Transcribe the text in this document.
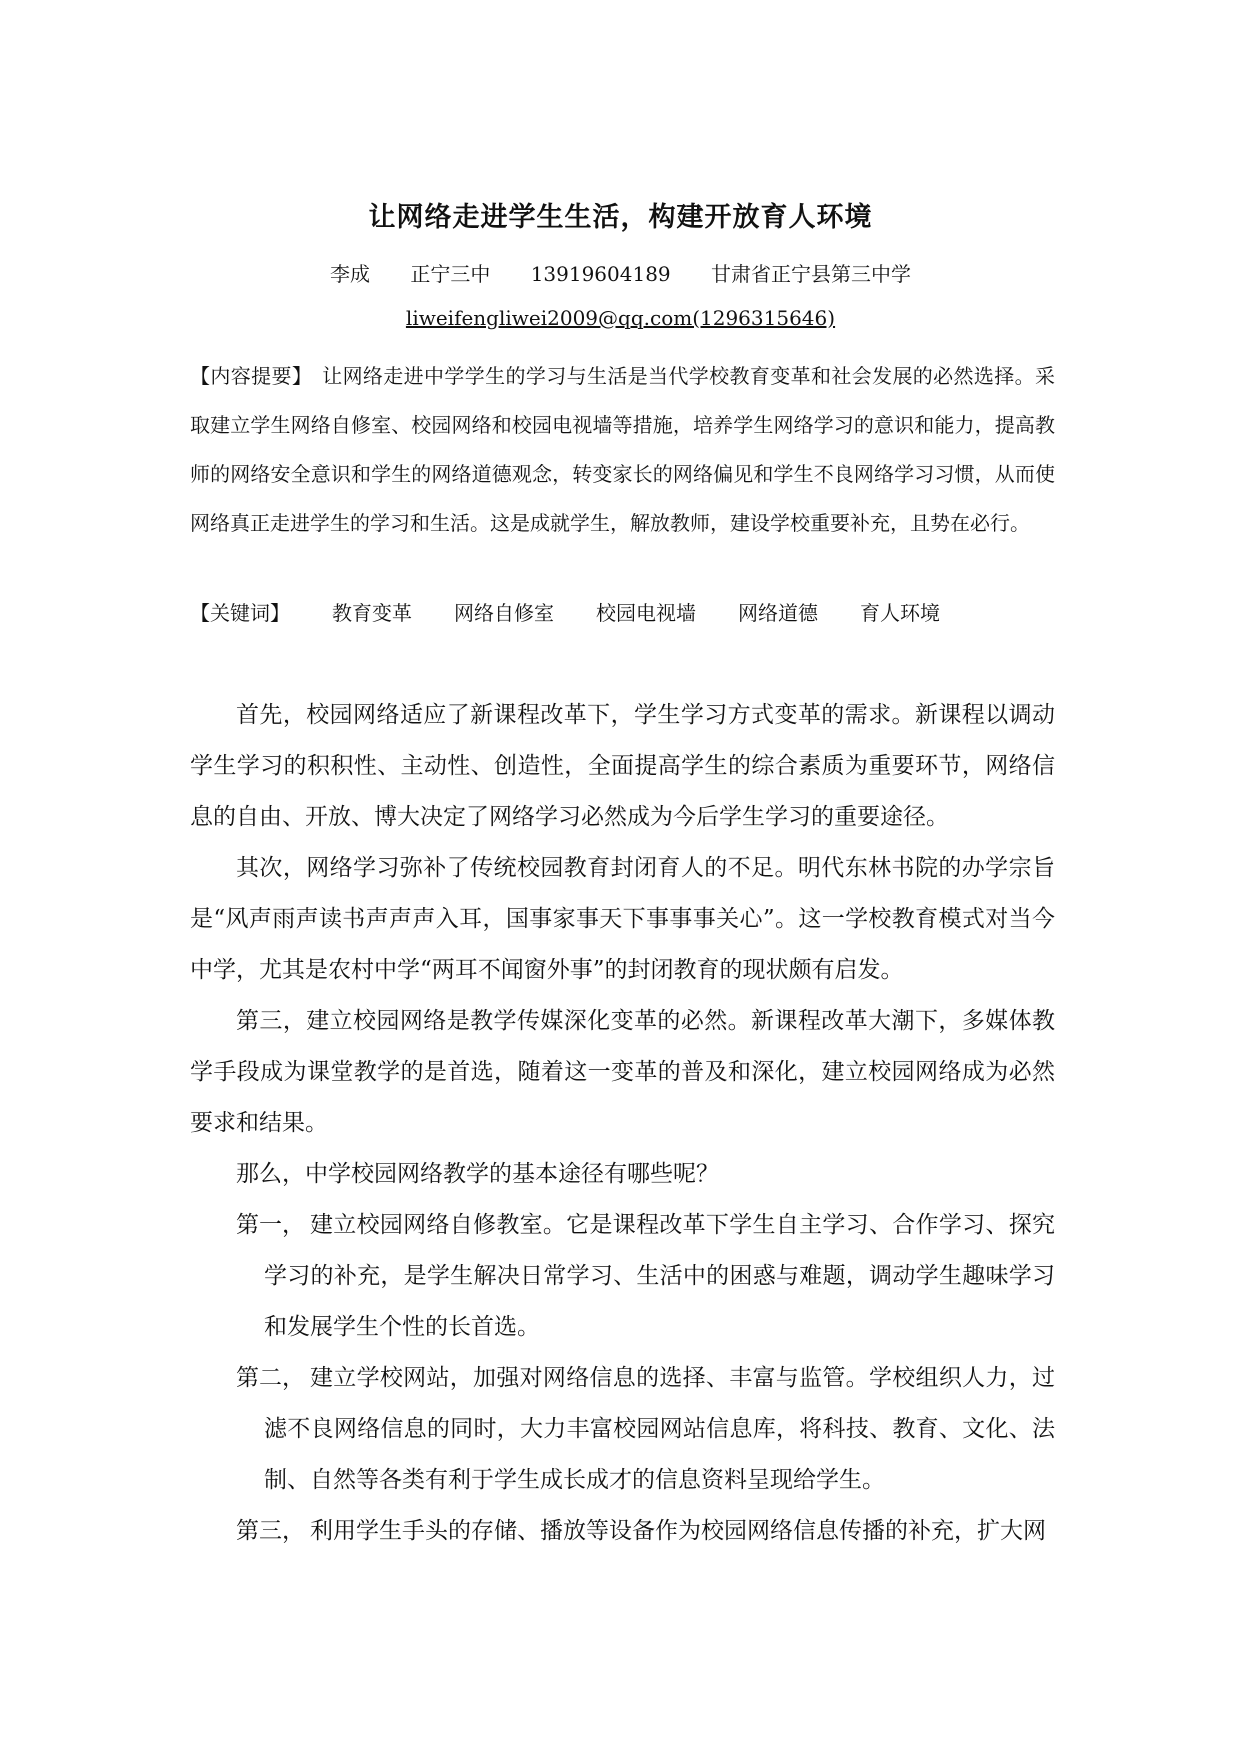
让网络走进学生生活，构建开放育人环境
李成 正宁三中 13919604189 甘肃省正宁县第三中学
liweifengliwei2009@qq.com(1296315646)
【内容提要】 让网络走进中学学生的学习与生活是当代学校教育变革和社会发展的必然选择。采取建立学生网络自修室、校园网络和校园电视墙等措施，培养学生网络学习的意识和能力，提高教师的网络安全意识和学生的网络道德观念，转变家长的网络偏见和学生不良网络学习习惯，从而使网络真正走进学生的学习和生活。这是成就学生，解放教师，建设学校重要补充，且势在必行。
【关键词】 教育变革 网络自修室 校园电视墙 网络道德 育人环境

首先，校园网络适应了新课程改革下，学生学习方式变革的需求。新课程以调动学生学习的积积性、主动性、创造性，全面提高学生的综合素质为重要环节，网络信息的自由、开放、博大决定了网络学习必然成为今后学生学习的重要途径。

其次，网络学习弥补了传统校园教育封闭育人的不足。明代东林书院的办学宗旨是“风声雨声读书声声声入耳，国事家事天下事事事关心”。这一学校教育模式对当今中学，尤其是农村中学“两耳不闻窗外事”的封闭教育的现状颇有启发。

第三，建立校园网络是教学传媒深化变革的必然。新课程改革大潮下，多媒体教学手段成为课堂教学的是首选，随着这一变革的普及和深化，建立校园网络成为必然要求和结果。

那么，中学校园网络教学的基本途径有哪些呢？

第一， 建立校园网络自修教室。它是课程改革下学生自主学习、合作学习、探究学习的补充，是学生解决日常学习、生活中的困惑与难题，调动学生趣味学习和发展学生个性的长首选。

第二， 建立学校网站，加强对网络信息的选择、丰富与监管。学校组织人力，过滤不良网络信息的同时，大力丰富校园网站信息库，将科技、教育、文化、法制、自然等各类有利于学生成长成才的信息资料呈现给学生。

第三， 利用学生手头的存储、播放等设备作为校园网络信息传播的补充，扩大网
